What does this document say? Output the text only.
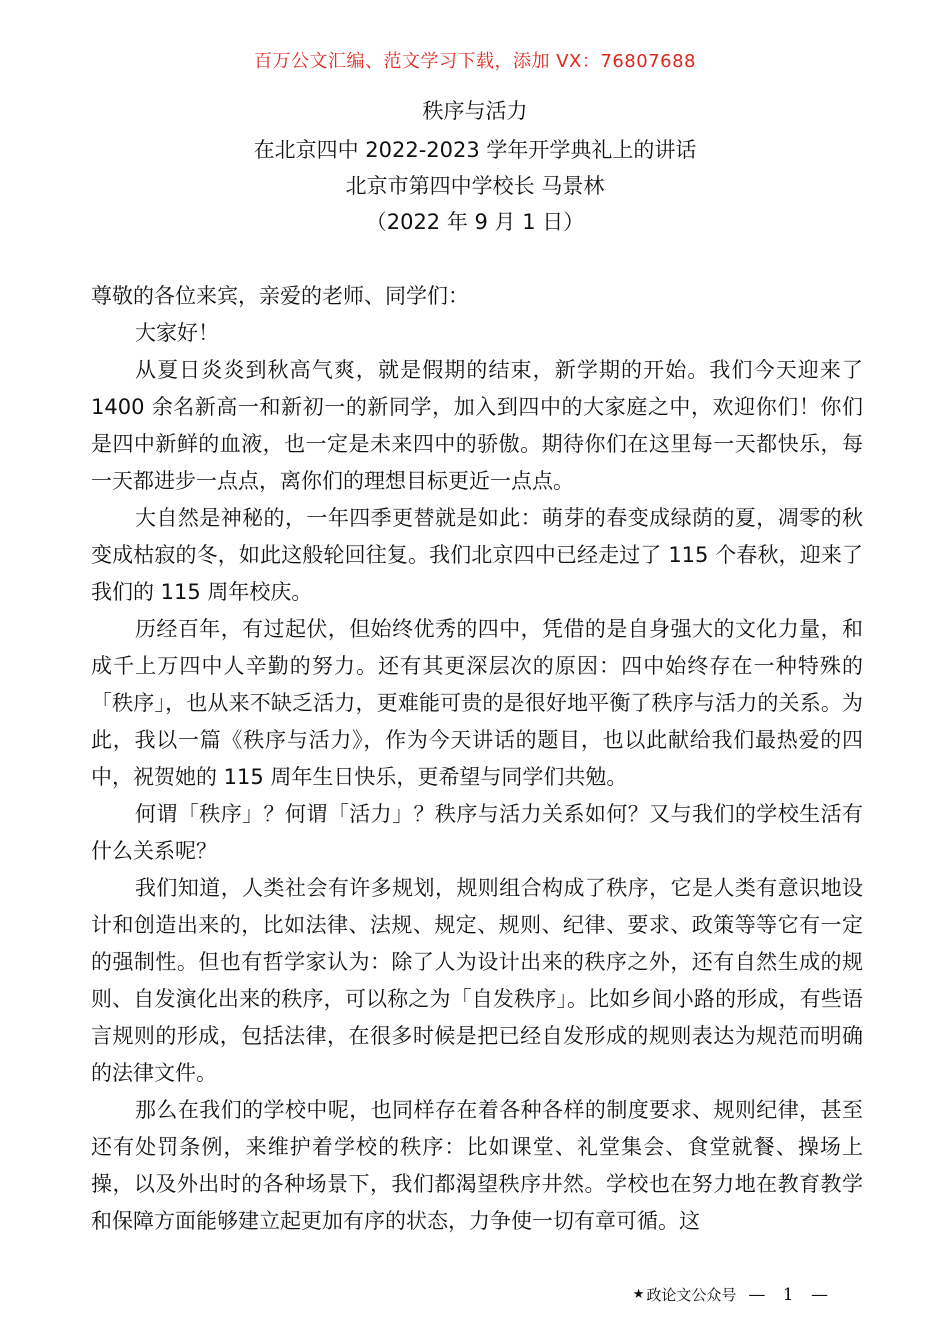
百万公文汇编、范文学习下载，添加 VX：76807688
秩序与活力
在北京四中 2022-2023 学年开学典礼上的讲话
北京市第四中学校长 马景林
（2022 年 9 月 1 日）

尊敬的各位来宾，亲爱的老师、同学们：

大家好！

从夏日炎炎到秋高气爽，就是假期的结束，新学期的开始。我们今天迎来了 1400 余名新高一和新初一的新同学，加入到四中的大家庭之中，欢迎你们！你们是四中新鲜的血液，也一定是未来四中的骄傲。期待你们在这里每一天都快乐，每一天都进步一点点，离你们的理想目标更近一点点。

大自然是神秘的，一年四季更替就是如此：萌芽的春变成绿荫的夏，凋零的秋变成枯寂的冬，如此这般轮回往复。我们北京四中已经走过了 115 个春秋，迎来了我们的 115 周年校庆。

历经百年，有过起伏，但始终优秀的四中，凭借的是自身强大的文化力量，和成千上万四中人辛勤的努力。还有其更深层次的原因：四中始终存在一种特殊的「秩序」，也从来不缺乏活力，更难能可贵的是很好地平衡了秩序与活力的关系。为此，我以一篇《秩序与活力》，作为今天讲话的题目，也以此献给我们最热爱的四中，祝贺她的 115 周年生日快乐，更希望与同学们共勉。

何谓「秩序」？何谓「活力」？秩序与活力关系如何？又与我们的学校生活有什么关系呢？

我们知道，人类社会有许多规划，规则组合构成了秩序，它是人类有意识地设计和创造出来的，比如法律、法规、规定、规则、纪律、要求、政策等等它有一定的强制性。但也有哲学家认为：除了人为设计出来的秩序之外，还有自然生成的规则、自发演化出来的秩序，可以称之为「自发秩序」。比如乡间小路的形成，有些语言规则的形成，包括法律，在很多时候是把已经自发形成的规则表达为规范而明确的法律文件。

那么在我们的学校中呢，也同样存在着各种各样的制度要求、规则纪律，甚至还有处罚条例，来维护着学校的秩序：比如课堂、礼堂集会、食堂就餐、操场上操，以及外出时的各种场景下，我们都渴望秩序井然。学校也在努力地在教育教学和保障方面能够建立起更加有序的状态，力争使一切有章可循。这

★ 政论文公众号 — 1 —
